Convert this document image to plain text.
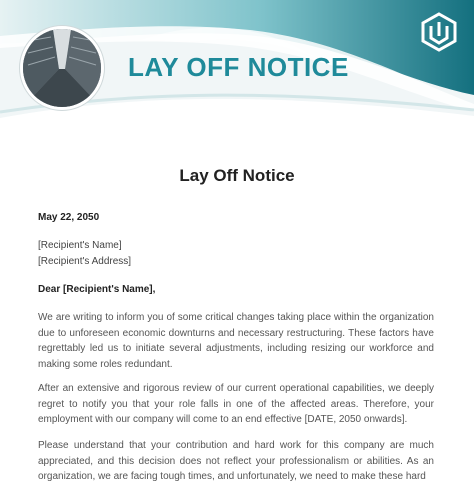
LAY OFF NOTICE
Lay Off Notice
May 22, 2050
[Recipient's Name]
[Recipient's Address]
Dear [Recipient's Name],
We are writing to inform you of some critical changes taking place within the organization due to unforeseen economic downturns and necessary restructuring. These factors have regrettably led us to initiate several adjustments, including resizing our workforce and making some roles redundant.
After an extensive and rigorous review of our current operational capabilities, we deeply regret to notify you that your role falls in one of the affected areas. Therefore, your employment with our company will come to an end effective [DATE, 2050 onwards].
Please understand that your contribution and hard work for this company are much appreciated, and this decision does not reflect your professionalism or abilities. As an organization, we are facing tough times, and unfortunately, we need to make these hard
